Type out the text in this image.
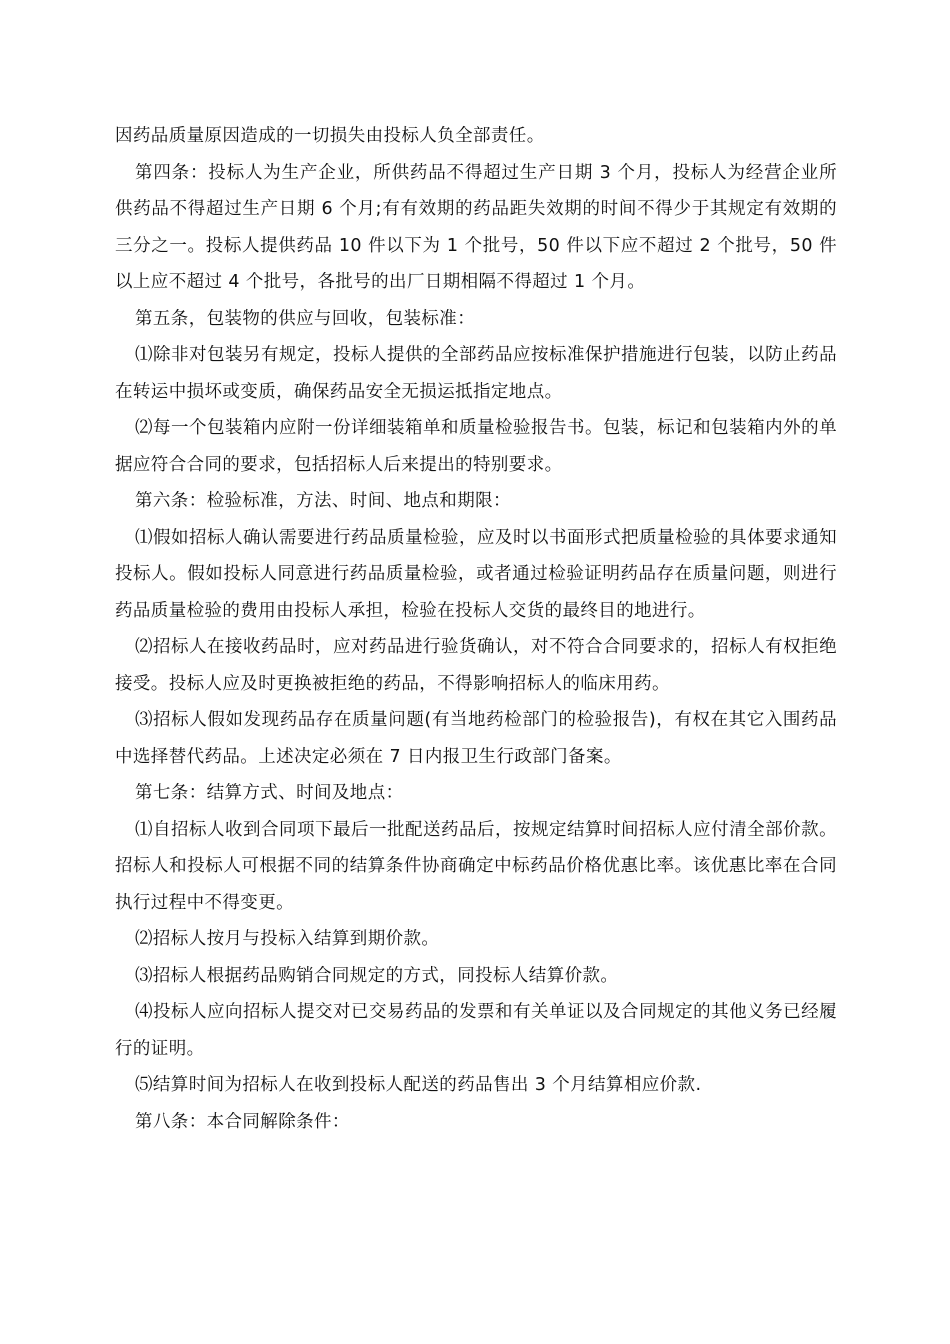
因药品质量原因造成的一切损失由投标人负全部责任。

第四条：投标人为生产企业，所供药品不得超过生产日期 3 个月，投标人为经营企业所供药品不得超过生产日期 6 个月;有有效期的药品距失效期的时间不得少于其规定有效期的三分之一。投标人提供药品 10 件以下为 1 个批号，50 件以下应不超过 2 个批号，50 件以上应不超过 4 个批号，各批号的出厂日期相隔不得超过 1 个月。

第五条，包装物的供应与回收，包装标准：

⑴除非对包装另有规定，投标人提供的全部药品应按标准保护措施进行包装，以防止药品在转运中损坏或变质，确保药品安全无损运抵指定地点。

⑵每一个包装箱内应附一份详细装箱单和质量检验报告书。包装，标记和包装箱内外的单据应符合合同的要求，包括招标人后来提出的特别要求。

第六条：检验标准，方法、时间、地点和期限：

⑴假如招标人确认需要进行药品质量检验，应及时以书面形式把质量检验的具体要求通知投标人。假如投标人同意进行药品质量检验，或者通过检验证明药品存在质量问题，则进行药品质量检验的费用由投标人承担，检验在投标人交货的最终目的地进行。

⑵招标人在接收药品时，应对药品进行验货确认，对不符合合同要求的，招标人有权拒绝接受。投标人应及时更换被拒绝的药品，不得影响招标人的临床用药。

⑶招标人假如发现药品存在质量问题(有当地药检部门的检验报告)，有权在其它入围药品中选择替代药品。上述决定必须在 7 日内报卫生行政部门备案。

第七条：结算方式、时间及地点：

⑴自招标人收到合同项下最后一批配送药品后，按规定结算时间招标人应付清全部价款。招标人和投标人可根据不同的结算条件协商确定中标药品价格优惠比率。该优惠比率在合同执行过程中不得变更。

⑵招标人按月与投标入结算到期价款。

⑶招标人根据药品购销合同规定的方式，同投标人结算价款。

⑷投标人应向招标人提交对已交易药品的发票和有关单证以及合同规定的其他义务已经履行的证明。

⑸结算时间为招标人在收到投标人配送的药品售出 3 个月结算相应价款.

第八条：本合同解除条件：
